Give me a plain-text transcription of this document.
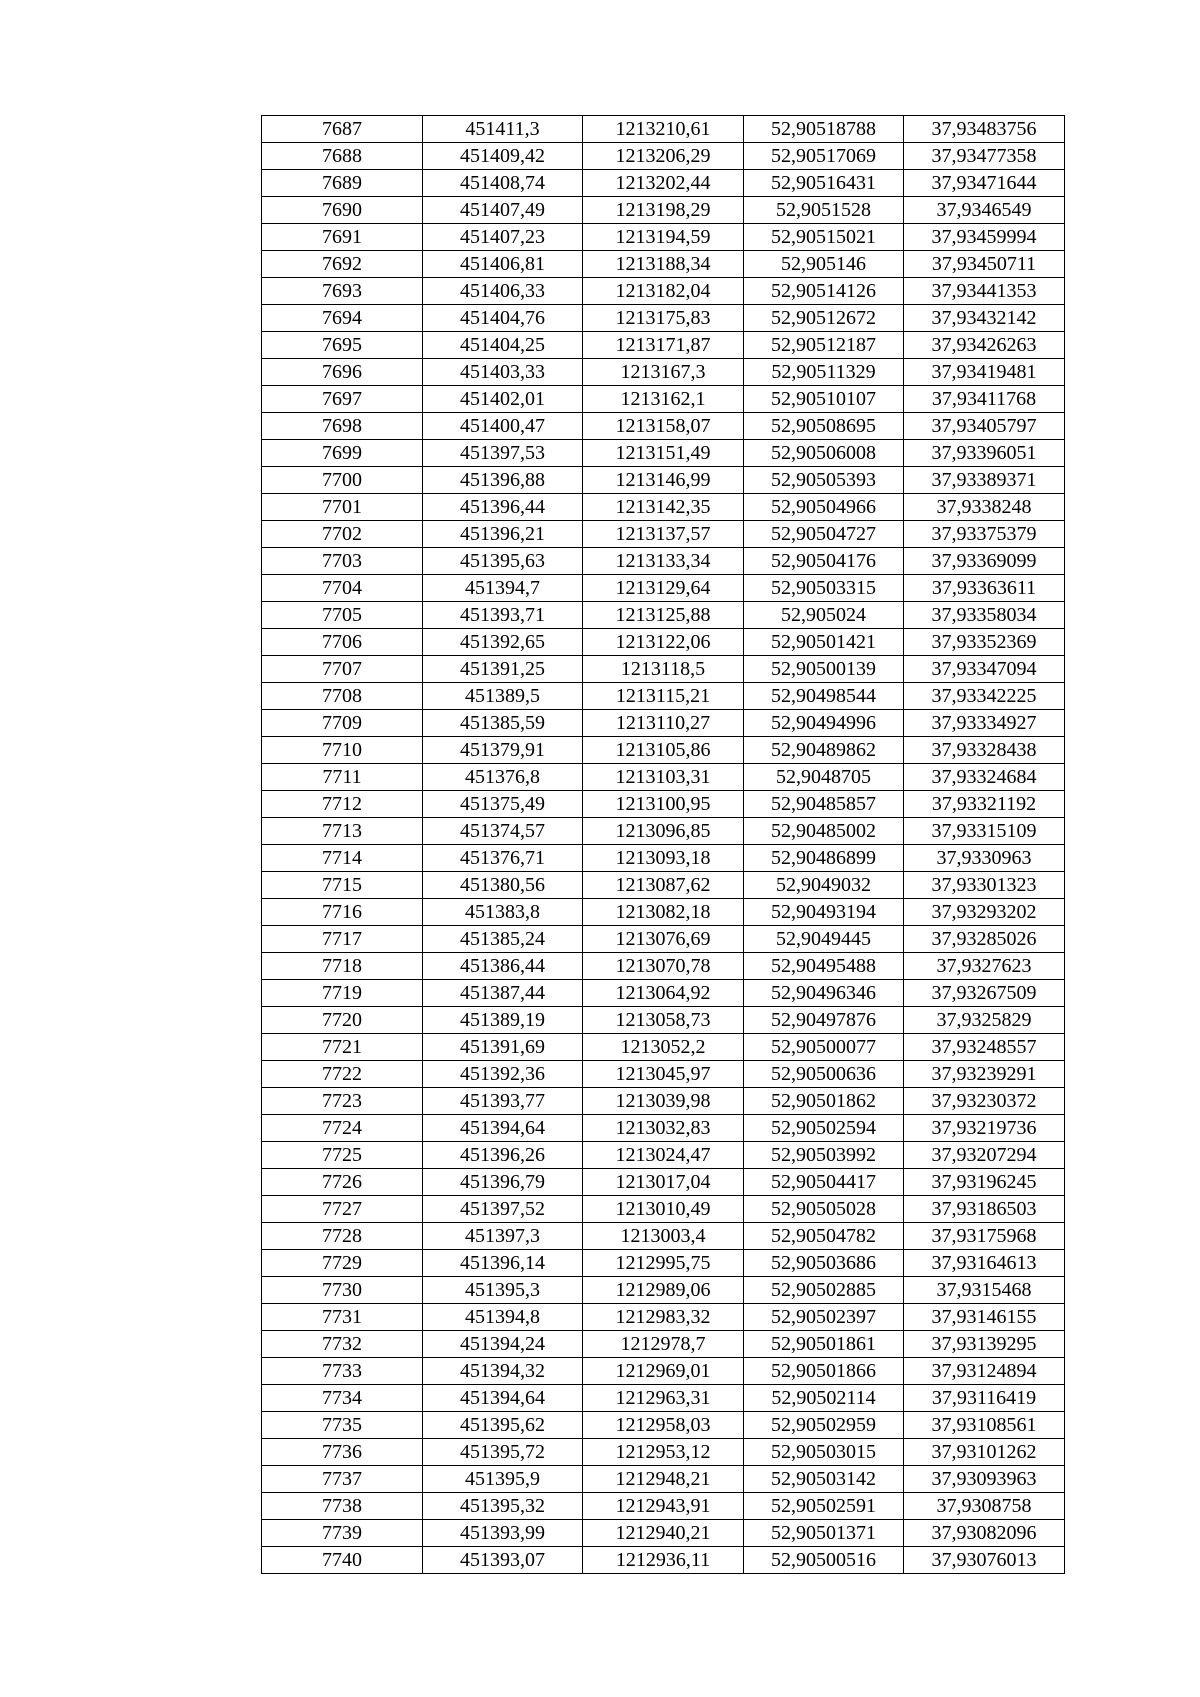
7687	451411,3	1213210,61	52,90518788	37,93483756
7688	451409,42	1213206,29	52,90517069	37,93477358
7689	451408,74	1213202,44	52,90516431	37,93471644
7690	451407,49	1213198,29	52,9051528	37,9346549
7691	451407,23	1213194,59	52,90515021	37,93459994
7692	451406,81	1213188,34	52,905146	37,93450711
7693	451406,33	1213182,04	52,90514126	37,93441353
7694	451404,76	1213175,83	52,90512672	37,93432142
7695	451404,25	1213171,87	52,90512187	37,93426263
7696	451403,33	1213167,3	52,90511329	37,93419481
7697	451402,01	1213162,1	52,90510107	37,93411768
7698	451400,47	1213158,07	52,90508695	37,93405797
7699	451397,53	1213151,49	52,90506008	37,93396051
7700	451396,88	1213146,99	52,90505393	37,93389371
7701	451396,44	1213142,35	52,90504966	37,9338248
7702	451396,21	1213137,57	52,90504727	37,93375379
7703	451395,63	1213133,34	52,90504176	37,93369099
7704	451394,7	1213129,64	52,90503315	37,93363611
7705	451393,71	1213125,88	52,905024	37,93358034
7706	451392,65	1213122,06	52,90501421	37,93352369
7707	451391,25	1213118,5	52,90500139	37,93347094
7708	451389,5	1213115,21	52,90498544	37,93342225
7709	451385,59	1213110,27	52,90494996	37,93334927
7710	451379,91	1213105,86	52,90489862	37,93328438
7711	451376,8	1213103,31	52,9048705	37,93324684
7712	451375,49	1213100,95	52,90485857	37,93321192
7713	451374,57	1213096,85	52,90485002	37,93315109
7714	451376,71	1213093,18	52,90486899	37,9330963
7715	451380,56	1213087,62	52,9049032	37,93301323
7716	451383,8	1213082,18	52,90493194	37,93293202
7717	451385,24	1213076,69	52,9049445	37,93285026
7718	451386,44	1213070,78	52,90495488	37,9327623
7719	451387,44	1213064,92	52,90496346	37,93267509
7720	451389,19	1213058,73	52,90497876	37,9325829
7721	451391,69	1213052,2	52,90500077	37,93248557
7722	451392,36	1213045,97	52,90500636	37,93239291
7723	451393,77	1213039,98	52,90501862	37,93230372
7724	451394,64	1213032,83	52,90502594	37,93219736
7725	451396,26	1213024,47	52,90503992	37,93207294
7726	451396,79	1213017,04	52,90504417	37,93196245
7727	451397,52	1213010,49	52,90505028	37,93186503
7728	451397,3	1213003,4	52,90504782	37,93175968
7729	451396,14	1212995,75	52,90503686	37,93164613
7730	451395,3	1212989,06	52,90502885	37,9315468
7731	451394,8	1212983,32	52,90502397	37,93146155
7732	451394,24	1212978,7	52,90501861	37,93139295
7733	451394,32	1212969,01	52,90501866	37,93124894
7734	451394,64	1212963,31	52,90502114	37,93116419
7735	451395,62	1212958,03	52,90502959	37,93108561
7736	451395,72	1212953,12	52,90503015	37,93101262
7737	451395,9	1212948,21	52,90503142	37,93093963
7738	451395,32	1212943,91	52,90502591	37,9308758
7739	451393,99	1212940,21	52,90501371	37,93082096
7740	451393,07	1212936,11	52,90500516	37,93076013
